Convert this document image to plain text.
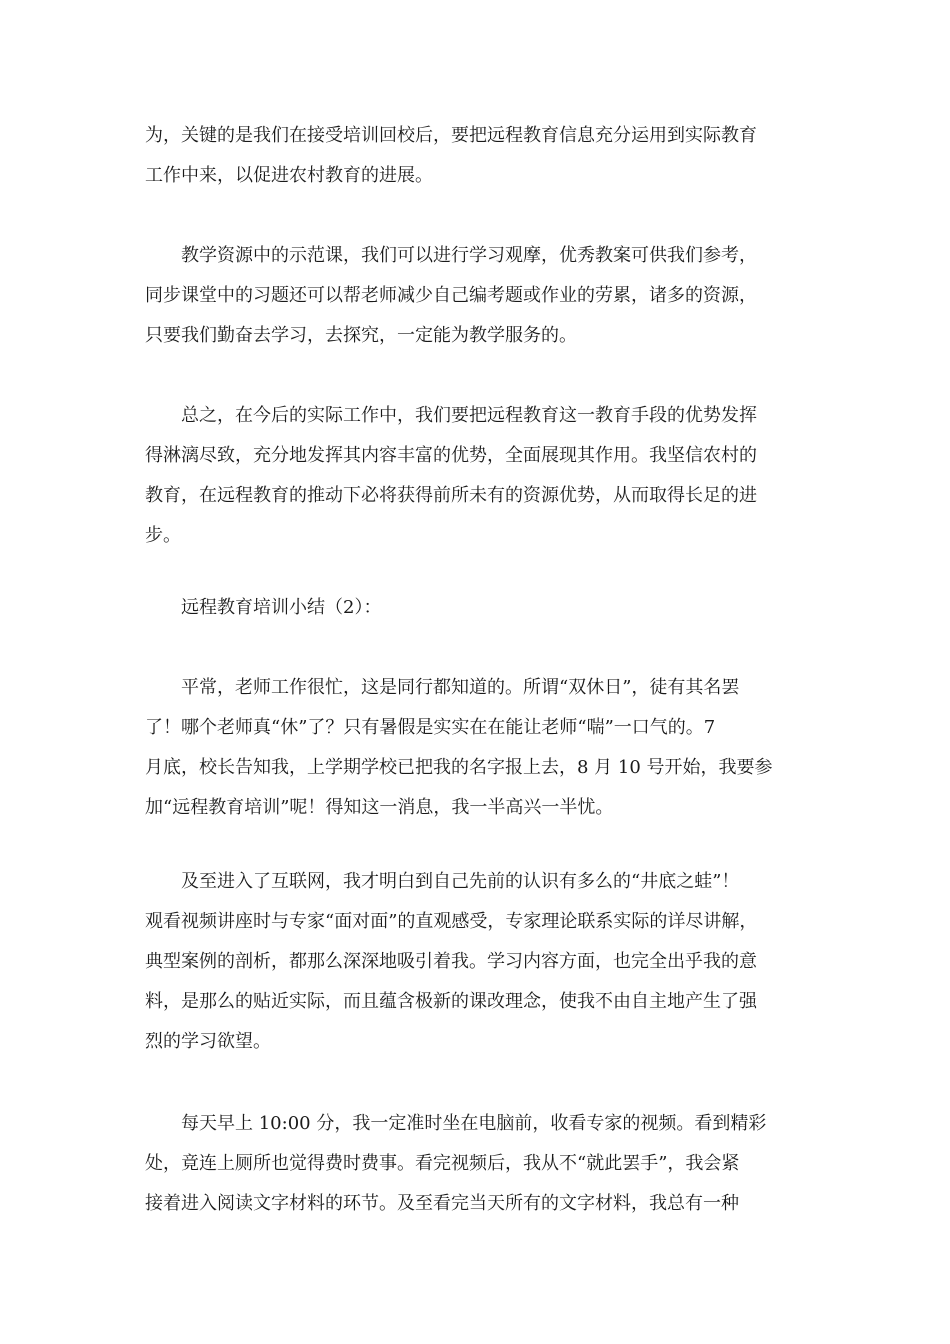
为，关键的是我们在接受培训回校后，要把远程教育信息充分运用到实际教育
工作中来，以促进农村教育的进展。

教学资源中的示范课，我们可以进行学习观摩，优秀教案可供我们参考，
同步课堂中的习题还可以帮老师减少自己编考题或作业的劳累，诸多的资源，
只要我们勤奋去学习，去探究，一定能为教学服务的。

总之，在今后的实际工作中，我们要把远程教育这一教育手段的优势发挥
得淋漓尽致，充分地发挥其内容丰富的优势，全面展现其作用。我坚信农村的
教育，在远程教育的推动下必将获得前所未有的资源优势，从而取得长足的进
步。

远程教育培训小结（2）：

平常，老师工作很忙，这是同行都知道的。所谓“双休日”，徒有其名罢
了！哪个老师真“休”了？只有暑假是实实在在能让老师“喘”一口气的。7
月底，校长告知我，上学期学校已把我的名字报上去，8 月 10 号开始，我要参
加“远程教育培训”呢！得知这一消息，我一半高兴一半忧。

及至进入了互联网，我才明白到自己先前的认识有多么的“井底之蛙”！
观看视频讲座时与专家“面对面”的直观感受，专家理论联系实际的详尽讲解，
典型案例的剖析，都那么深深地吸引着我。学习内容方面，也完全出乎我的意
料，是那么的贴近实际，而且蕴含极新的课改理念，使我不由自主地产生了强
烈的学习欲望。

每天早上 10:00 分，我一定准时坐在电脑前，收看专家的视频。看到精彩
处，竟连上厕所也觉得费时费事。看完视频后，我从不“就此罢手”，我会紧
接着进入阅读文字材料的环节。及至看完当天所有的文字材料，我总有一种
